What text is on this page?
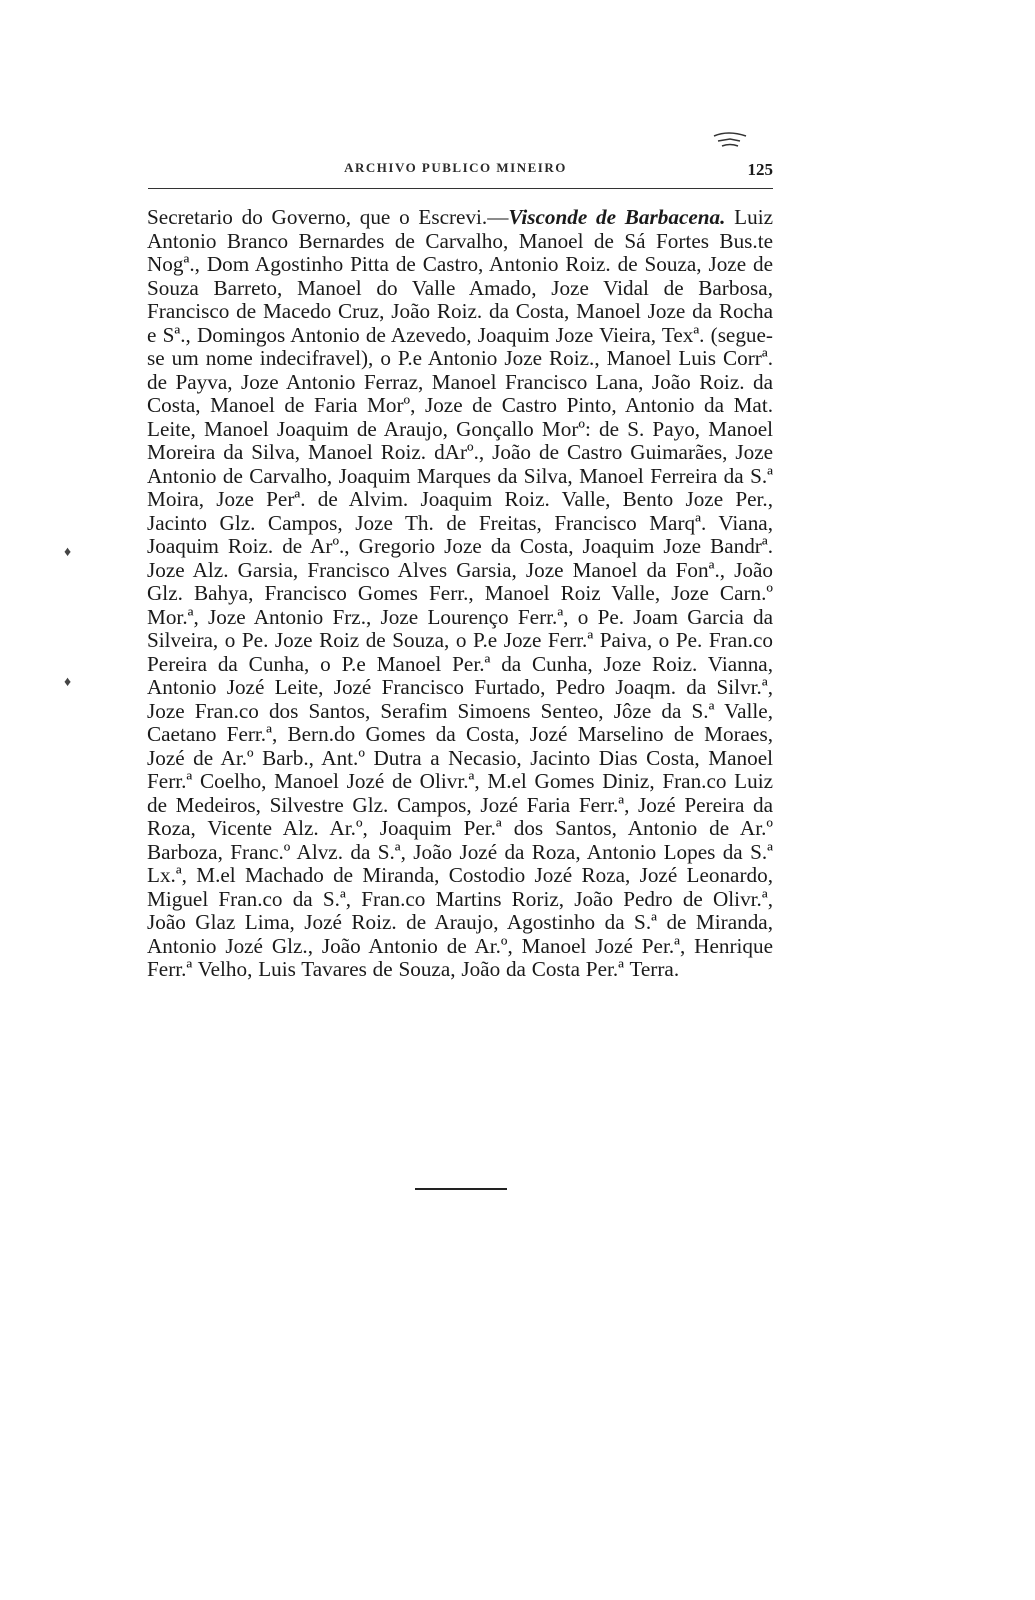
ARCHIVO PUBLICO MINEIRO	125
Secretario do Governo, que o Escrevi.—Visconde de Barbacena. Luiz Antonio Branco Bernardes de Carvalho, Manoel de Sá Fortes Bus.te Nogª., Dom Agostinho Pitta de Castro, Antonio Roiz. de Souza, Joze de Souza Barreto, Manoel do Valle Amado, Joze Vidal de Barbosa, Francisco de Macedo Cruz, João Roiz. da Costa, Manoel Joze da Rocha e Sª., Domingos Antonio de Azevedo, Joaquim Joze Vieira, Texª. (segue-se um nome indecifravel), o P.e Antonio Joze Roiz., Manoel Luis Corrª. de Payva, Joze Antonio Ferraz, Manoel Francisco Lana, João Roiz. da Costa, Manoel de Faria Morº, Joze de Castro Pinto, Antonio da Mat. Leite, Manoel Joaquim de Araujo, Gonçallo Morº: de S. Payo, Manoel Moreira da Silva, Manoel Roiz. dArº., João de Castro Guimarães, Joze Antonio de Carvalho, Joaquim Marques da Silva, Manoel Ferreira da S.ª Moira, Joze Perª. de Alvim. Joaquim Roiz. Valle, Bento Joze Per., Jacinto Glz. Campos, Joze Th. de Freitas, Francisco Marqª. Viana, Joaquim Roiz. de Arº., Gregorio Joze da Costa, Joaquim Joze Bandrª. Joze Alz. Garsia, Francisco Alves Garsia, Joze Manoel da Fonª., João Glz. Bahya, Francisco Gomes Ferr., Manoel Roiz Valle, Joze Carn.º Mor.ª, Joze Antonio Frz., Joze Lourenço Ferr.ª, o Pe. Joam Garcia da Silveira, o Pe. Joze Roiz de Souza, o P.e Joze Ferr.ª Paiva, o Pe. Fran.co Pereira da Cunha, o P.e Manoel Per.ª da Cunha, Joze Roiz. Vianna, Antonio Jozé Leite, Jozé Francisco Furtado, Pedro Joaqm. da Silvr.ª, Joze Fran.co dos Santos, Serafim Simoens Senteo, Jôze da S.ª Valle, Caetano Ferr.ª, Bern.do Gomes da Costa, Jozé Marselino de Moraes, Jozé de Ar.º Barb., Ant.º Dutra a Necasio, Jacinto Dias Costa, Manoel Ferr.ª Coelho, Manoel Jozé de Olivr.ª, M.el Gomes Diniz, Fran.co Luiz de Medeiros, Silvestre Glz. Campos, Jozé Faria Ferr.ª, Jozé Pereira da Roza, Vicente Alz. Ar.º, Joaquim Per.ª dos Santos, Antonio de Ar.º Barboza, Franc.º Alvz. da S.ª, João Jozé da Roza, Antonio Lopes da S.ª Lx.ª, M.el Machado de Miranda, Costodio Jozé Roza, Jozé Leonardo, Miguel Fran.co da S.ª, Fran.co Martins Roriz, João Pedro de Olivr.ª, João Glaz Lima, Jozé Roiz. de Araujo, Agostinho da S.ª de Miranda, Antonio Jozé Glz., João Antonio de Ar.º, Manoel Jozé Per.ª, Henrique Ferr.ª Velho, Luis Tavares de Souza, João da Costa Per.ª Terra.
♦
♦
